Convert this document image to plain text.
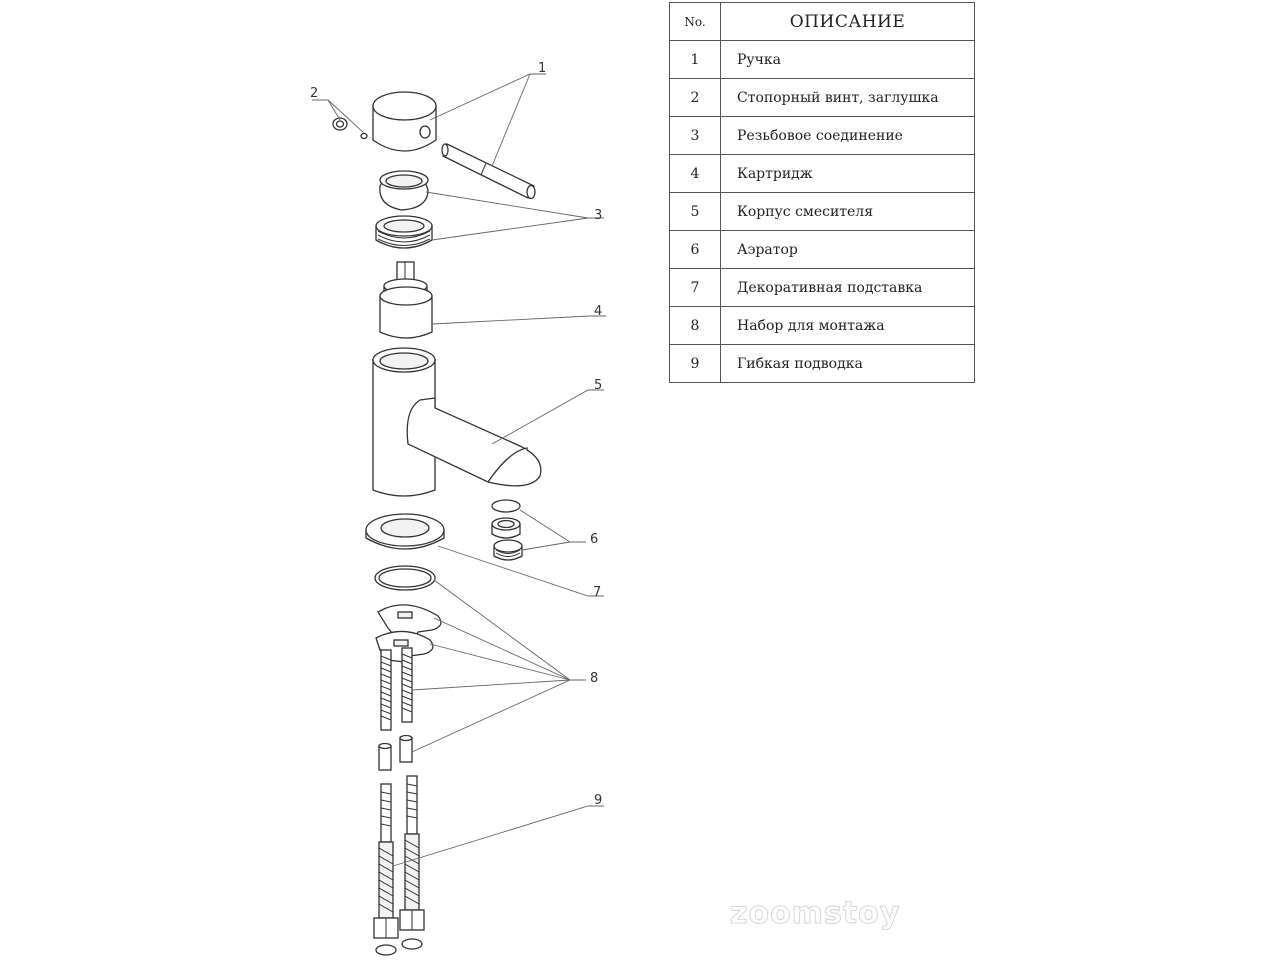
1
2
3
4
5
6
7
8
9
No.	ОПИСАНИЕ
1	Ручка
2	Стопорный винт, заглушка
3	Резьбовое соединение
4	Картридж
5	Корпус смесителя
6	Аэратор
7	Декоративная подставка
8	Набор для монтажа
9	Гибкая подводка
zoomstoy
